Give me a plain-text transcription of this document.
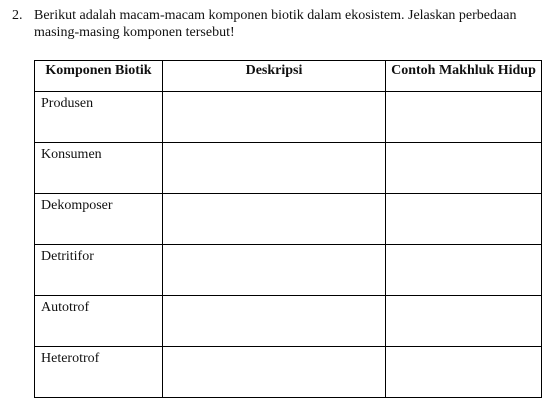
2. Berikut adalah macam-macam komponen biotik dalam ekosistem. Jelaskan perbedaan masing-masing komponen tersebut!
Komponen Biotik	Deskripsi	Contoh Makhluk Hidup
Produsen		
Konsumen		
Dekomposer		
Detritifor		
Autotrof		
Heterotrof		
